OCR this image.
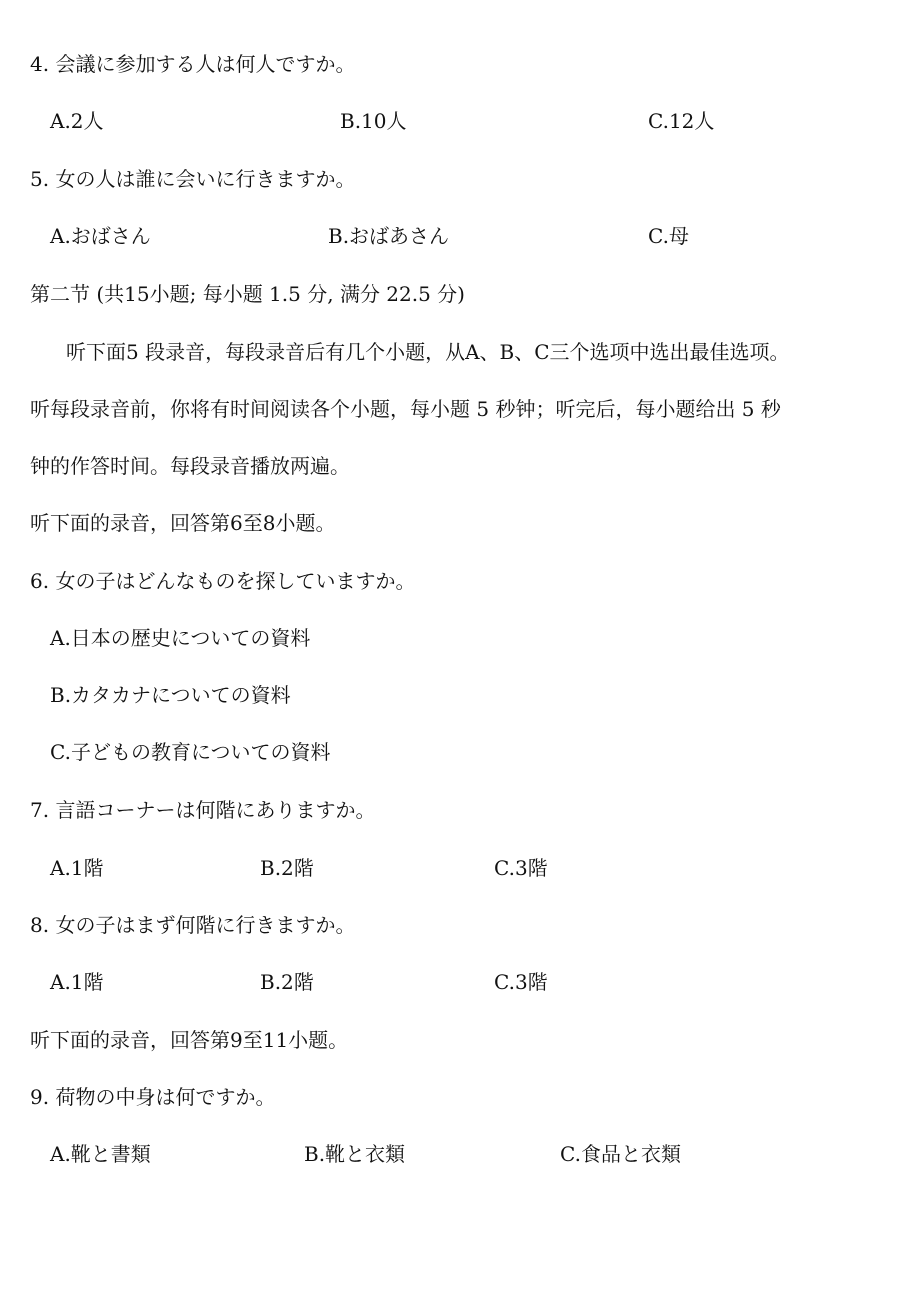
4. 会議に参加する人は何人ですか。
A.2人	B.10人	C.12人
5. 女の人は誰に会いに行きますか。
A.おばさん	B.おばあさん	C.母
第二节 (共15小题; 每小题 1.5 分, 满分 22.5 分)
听下面5 段录音，每段录音后有几个小题，从A、B、C三个选项中选出最佳选项。
听每段录音前，你将有时间阅读各个小题，每小题 5 秒钟；听完后，每小题给出 5 秒
钟的作答时间。每段录音播放两遍。
听下面的录音，回答第6至8小题。
6. 女の子はどんなものを探していますか。
A.日本の歴史についての資料
B.カタカナについての資料
C.子どもの教育についての資料
7. 言語コーナーは何階にありますか。
A.1階	B.2階	C.3階
8. 女の子はまず何階に行きますか。
A.1階	B.2階	C.3階
听下面的录音，回答第9至11小题。
9. 荷物の中身は何ですか。
A.靴と書類	B.靴と衣類	C.食品と衣類
